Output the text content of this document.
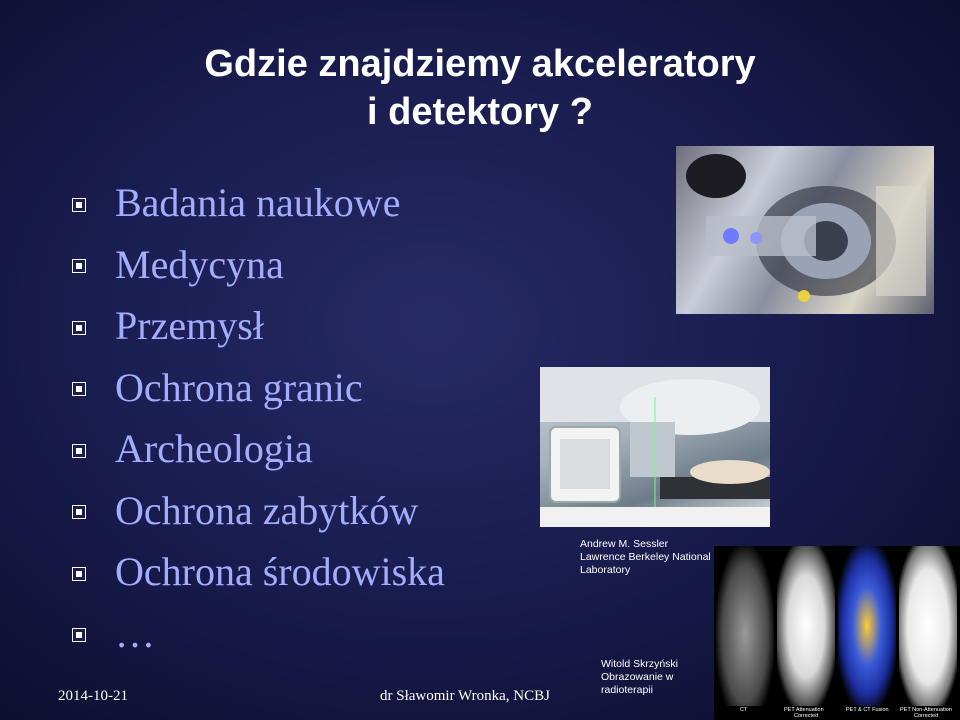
Gdzie znajdziemy akceleratory
i detektory ?
Badania naukowe
Medycyna
Przemysł
Ochrona granic
Archeologia
Ochrona zabytków
Ochrona środowiska
…
Andrew M. Sessler
Lawrence Berkeley National
Laboratory
CT	PET Attenuation
Corrected
PET & CT Fusion PET Non-Attenuation
Corrected
Witold Skrzyński
Obrazowanie w
radioterapii
2014-10-21	dr Sławomir Wronka, NCBJ
